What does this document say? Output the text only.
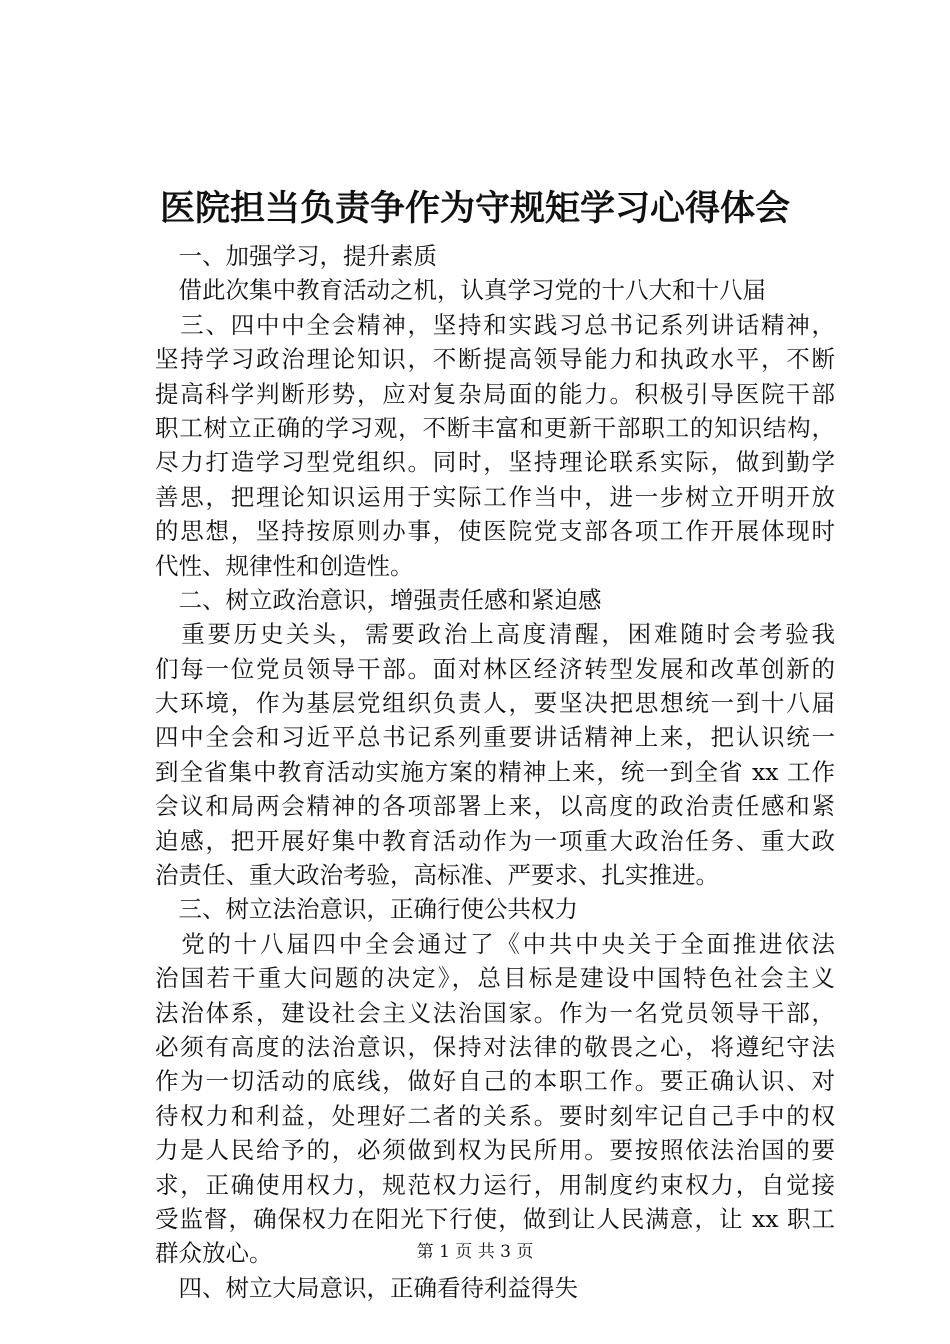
医院担当负责争作为守规矩学习心得体会
　一、加强学习，提升素质
　借此次集中教育活动之机，认真学习党的十八大和十八届
　三、四中中全会精神，坚持和实践习总书记系列讲话精神，
坚持学习政治理论知识，不断提高领导能力和执政水平，不断
提高科学判断形势，应对复杂局面的能力。积极引导医院干部
职工树立正确的学习观，不断丰富和更新干部职工的知识结构，
尽力打造学习型党组织。同时，坚持理论联系实际，做到勤学
善思，把理论知识运用于实际工作当中，进一步树立开明开放
的思想，坚持按原则办事，使医院党支部各项工作开展体现时
代性、规律性和创造性。
　二、树立政治意识，增强责任感和紧迫感
　重要历史关头，需要政治上高度清醒，困难随时会考验我
们每一位党员领导干部。面对林区经济转型发展和改革创新的
大环境，作为基层党组织负责人，要坚决把思想统一到十八届
四中全会和习近平总书记系列重要讲话精神上来，把认识统一
到全省集中教育活动实施方案的精神上来，统一到全省 xx 工作
会议和局两会精神的各项部署上来，以高度的政治责任感和紧
迫感，把开展好集中教育活动作为一项重大政治任务、重大政
治责任、重大政治考验，高标准、严要求、扎实推进。
　三、树立法治意识，正确行使公共权力
　党的十八届四中全会通过了《中共中央关于全面推进依法
治国若干重大问题的决定》，总目标是建设中国特色社会主义
法治体系，建设社会主义法治国家。作为一名党员领导干部，
必须有高度的法治意识，保持对法律的敬畏之心，将遵纪守法
作为一切活动的底线，做好自己的本职工作。要正确认识、对
待权力和利益，处理好二者的关系。要时刻牢记自己手中的权
力是人民给予的，必须做到权为民所用。要按照依法治国的要
求，正确使用权力，规范权力运行，用制度约束权力，自觉接
受监督，确保权力在阳光下行使，做到让人民满意，让 xx 职工
群众放心。
　四、树立大局意识，正确看待利益得失
第 1 页 共 3 页
